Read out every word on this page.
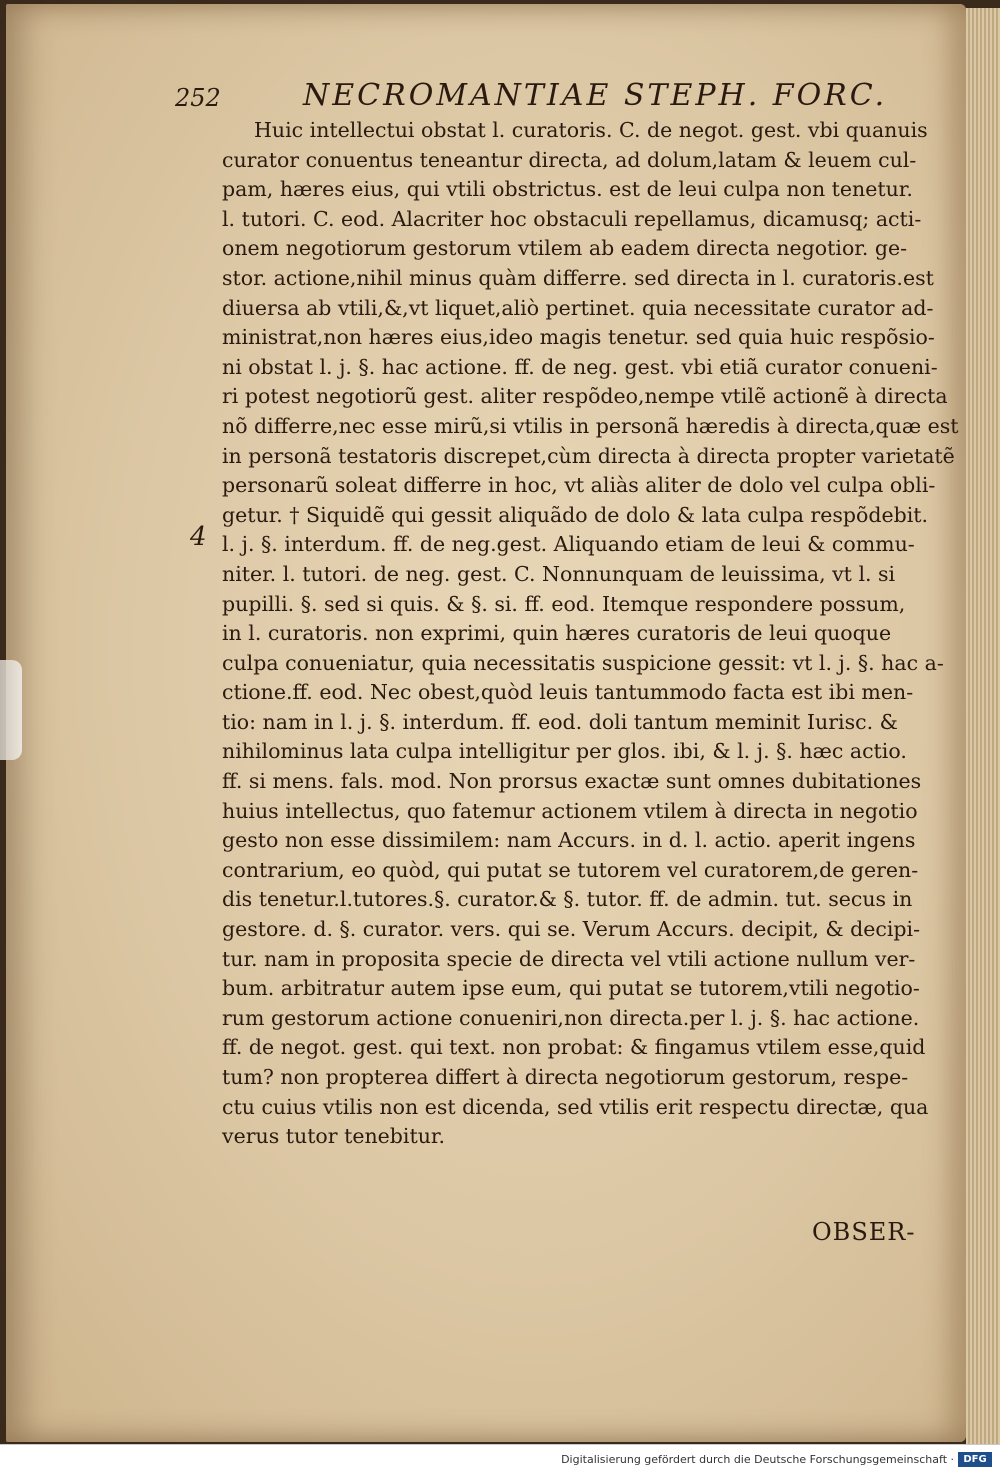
252	NECROMANTIAE STEPH. FORC.
4
Huic intellectui obstat l. curatoris. C. de negot. gest. vbi quanuis
curator conuentus teneantur directa, ad dolum,latam & leuem cul-
pam, hæres eius, qui vtili obstrictus. est de leui culpa non tenetur.
l. tutori. C. eod. Alacriter hoc obstaculi repellamus, dicamusq; acti-
onem negotiorum gestorum vtilem ab eadem directa negotior. ge-
stor. actione,nihil minus quàm differre. sed directa in l. curatoris.est
diuersa ab vtili,&,vt liquet,aliò pertinet. quia necessitate curator ad-
ministrat,non hæres eius,ideo magis tenetur. sed quia huic respõsio-
ni obstat l. j. §. hac actione. ff. de neg. gest. vbi etiã curator conueni-
ri potest negotiorũ gest. aliter respõdeo,nempe vtilẽ actionẽ à directa
nõ differre,nec esse mirũ,si vtilis in personã hæredis à directa,quæ est
in personã testatoris discrepet,cùm directa à directa propter varietatẽ
personarũ soleat differre in hoc, vt aliàs aliter de dolo vel culpa obli-
getur. † Siquidẽ qui gessit aliquãdo de dolo & lata culpa respõdebit.
l. j. §. interdum. ff. de neg.gest. Aliquando etiam de leui & commu-
niter. l. tutori. de neg. gest. C. Nonnunquam de leuissima, vt l. si
pupilli. §. sed si quis. & §. si. ff. eod. Itemque respondere possum,
in l. curatoris. non exprimi, quin hæres curatoris de leui quoque
culpa conueniatur, quia necessitatis suspicione gessit: vt l. j. §. hac a-
ctione.ff. eod. Nec obest,quòd leuis tantummodo facta est ibi men-
tio: nam in l. j. §. interdum. ff. eod. doli tantum meminit Iurisc. &
nihilominus lata culpa intelligitur per glos. ibi, & l. j. §. hæc actio.
ff. si mens. fals. mod. Non prorsus exactæ sunt omnes dubitationes
huius intellectus, quo fatemur actionem vtilem à directa in negotio
gesto non esse dissimilem: nam Accurs. in d. l. actio. aperit ingens
contrarium, eo quòd, qui putat se tutorem vel curatorem,de geren-
dis tenetur.l.tutores.§. curator.& §. tutor. ff. de admin. tut. secus in
gestore. d. §. curator. vers. qui se. Verum Accurs. decipit, & decipi-
tur. nam in proposita specie de directa vel vtili actione nullum ver-
bum. arbitratur autem ipse eum, qui putat se tutorem,vtili negotio-
rum gestorum actione conueniri,non directa.per l. j. §. hac actione.
ff. de negot. gest. qui text. non probat: & fingamus vtilem esse,quid
tum? non propterea differt à directa negotiorum gestorum, respe-
ctu cuius vtilis non est dicenda, sed vtilis erit respectu directæ, qua
verus tutor tenebitur.
OBSER-
Digitalisierung gefördert durch die Deutsche Forschungsgemeinschaft · DFG
